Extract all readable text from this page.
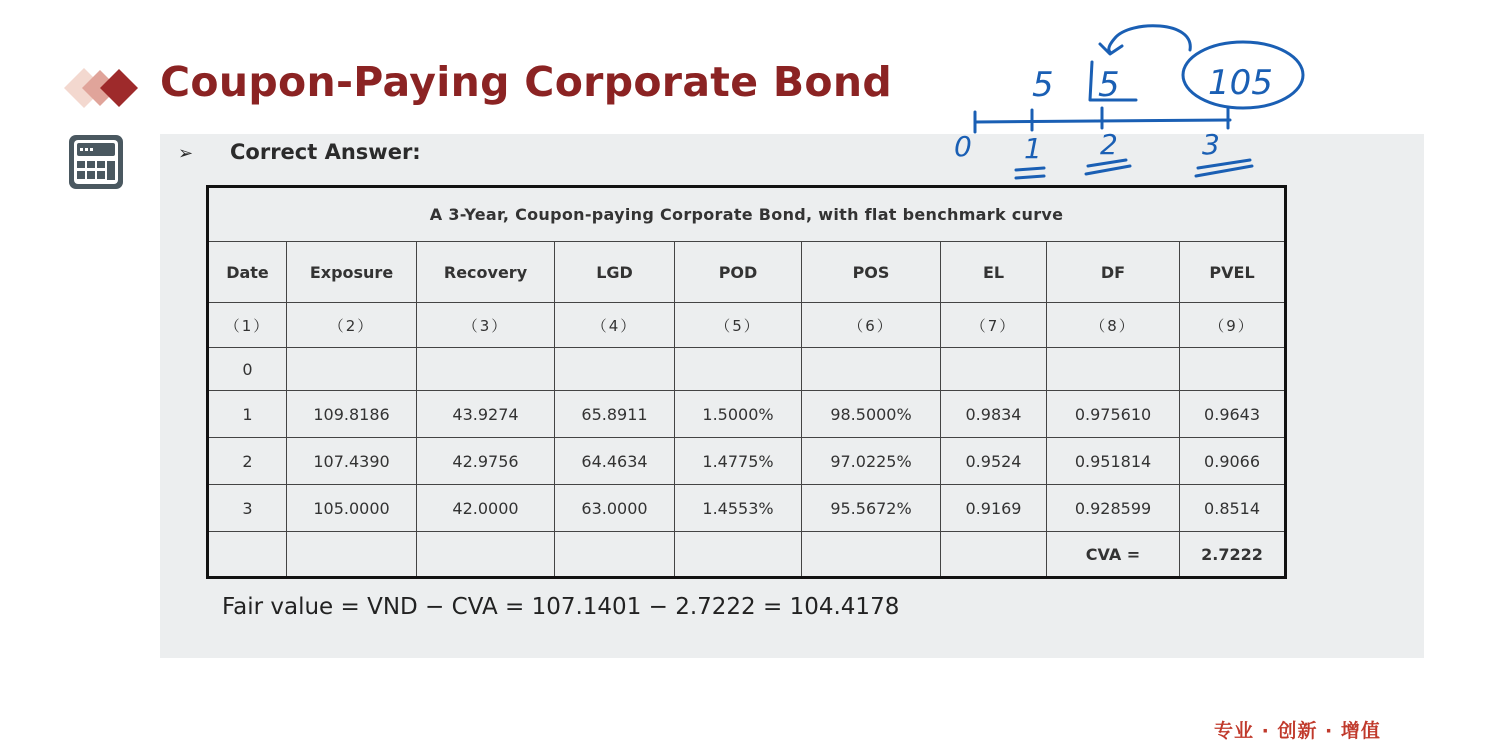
Coupon-Paying Corporate Bond
➢ Correct Answer:
A 3-Year, Coupon-paying Corporate Bond, with flat benchmark curve								
Date	Exposure	Recovery	LGD	POD	POS	EL	DF	PVEL
（1）	（2）	（3）	（4）	（5）	（6）	（7）	（8）	（9）
0								
1	109.8186	43.9274	65.8911	1.5000%	98.5000%	0.9834	0.975610	0.9643
2	107.4390	42.9756	64.4634	1.4775%	97.0225%	0.9524	0.951814	0.9066
3	105.0000	42.0000	63.0000	1.4553%	95.5672%	0.9169	0.928599	0.8514
							CVA =	2.7222
Fair value = VND − CVA = 107.1401 − 2.7222 = 104.4178
专业 · 创新 · 增值
5 5	105
0 1 2	3
